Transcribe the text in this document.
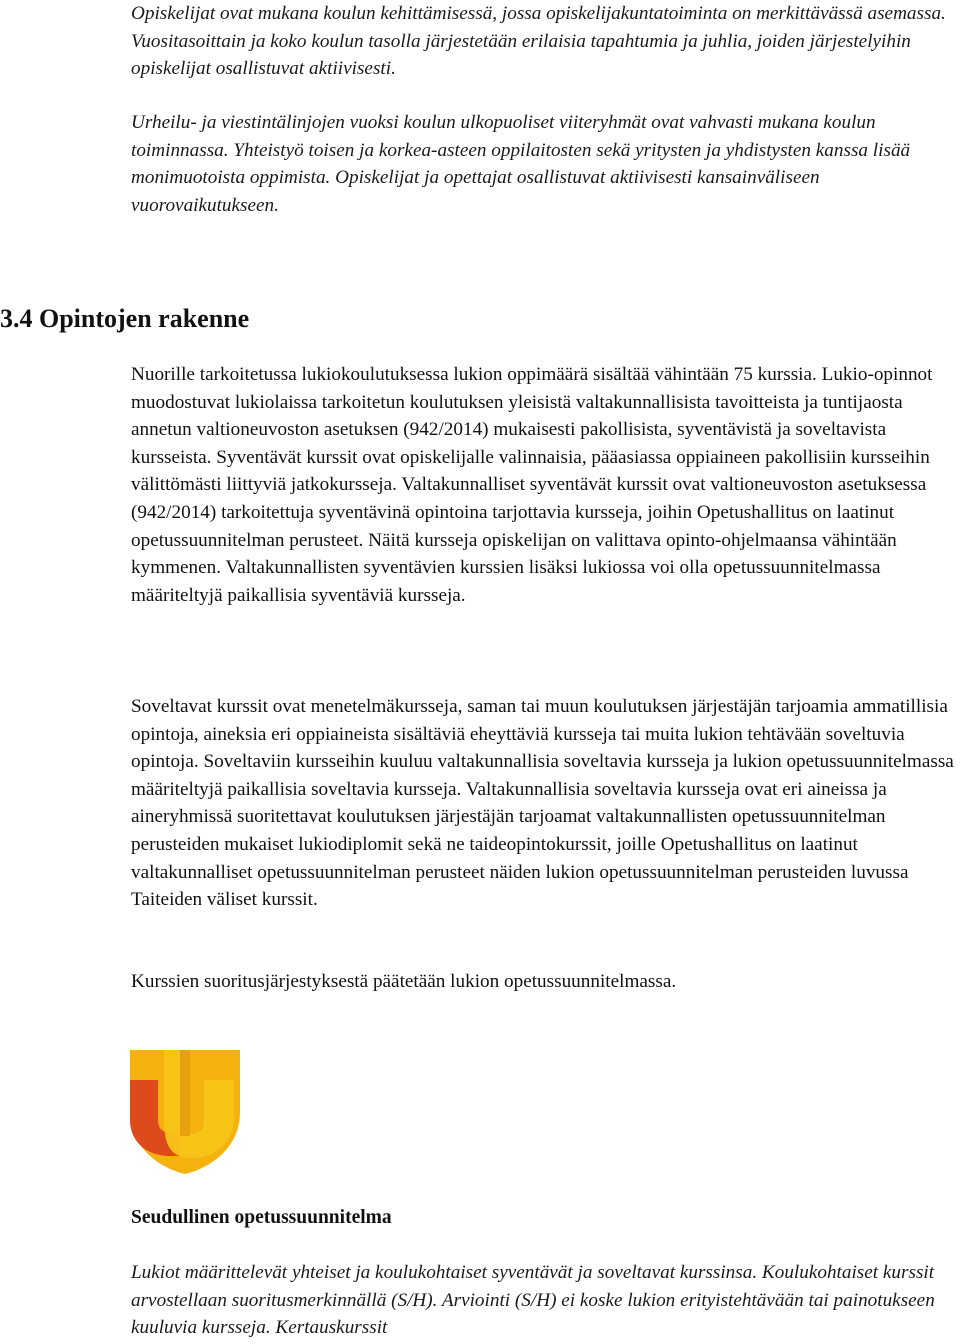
Opiskelijat ovat mukana koulun kehittämisessä, jossa opiskelijakuntatoiminta on merkittävässä asemassa. Vuositasoittain ja koko koulun tasolla järjestetään erilaisia tapahtumia ja juhlia, joiden järjestelyihin opiskelijat osallistuvat aktiivisesti.

Urheilu- ja viestintälinjojen vuoksi koulun ulkopuoliset viiteryhmät ovat vahvasti mukana koulun toiminnassa. Yhteistyö toisen ja korkea-asteen oppilaitosten sekä yritysten ja yhdistysten kanssa lisää monimuotoista oppimista. Opiskelijat ja opettajat osallistuvat aktiivisesti kansainväliseen vuorovaikutukseen.

3.4 Opintojen rakenne

Nuorille tarkoitetussa lukiokoulutuksessa lukion oppimäärä sisältää vähintään 75 kurssia. Lukio-opinnot muodostuvat lukiolaissa tarkoitetun koulutuksen yleisistä valtakunnallisista tavoitteista ja tuntijaosta annetun valtioneuvoston asetuksen (942/2014) mukaisesti pakollisista, syventävistä ja soveltavista kursseista. Syventävät kurssit ovat opiskelijalle valinnaisia, pääasiassa oppiaineen pakollisiin kursseihin välittömästi liittyviä jatkokursseja. Valtakunnalliset syventävät kurssit ovat valtioneuvoston asetuksessa (942/2014) tarkoitettuja syventävinä opintoina tarjottavia kursseja, joihin Opetushallitus on laatinut opetussuunnitelman perusteet. Näitä kursseja opiskelijan on valittava opinto-ohjelmaansa vähintään kymmenen. Valtakunnallisten syventävien kurssien lisäksi lukiossa voi olla opetussuunnitelmassa määriteltyjä paikallisia syventäviä kursseja.

Soveltavat kurssit ovat menetelmäkursseja, saman tai muun koulutuksen järjestäjän tarjoamia ammatillisia opintoja, aineksia eri oppiaineista sisältäviä eheyttäviä kursseja tai muita lukion tehtävään soveltuvia opintoja. Soveltaviin kursseihin kuuluu valtakunnallisia soveltavia kursseja ja lukion opetussuunnitelmassa määriteltyjä paikallisia soveltavia kursseja. Valtakunnallisia soveltavia kursseja ovat eri aineissa ja aineryhmissä suoritettavat koulutuksen järjestäjän tarjoamat valtakunnallisten opetussuunnitelman perusteiden mukaiset lukiodiplomit sekä ne taideopintokurssit, joille Opetushallitus on laatinut valtakunnalliset opetussuunnitelman perusteet näiden lukion opetussuunnitelman perusteiden luvussa Taiteiden väliset kurssit.

Kurssien suoritusjärjestyksestä päätetään lukion opetussuunnitelmassa.

Seudullinen opetussuunnitelma

Lukiot määrittelevät yhteiset ja koulukohtaiset syventävät ja soveltavat kurssinsa. Koulukohtaiset kurssit arvostellaan suoritusmerkinnällä (S/H). Arviointi (S/H) ei koske lukion erityistehtävään tai painotukseen kuuluvia kursseja. Kertauskurssit
